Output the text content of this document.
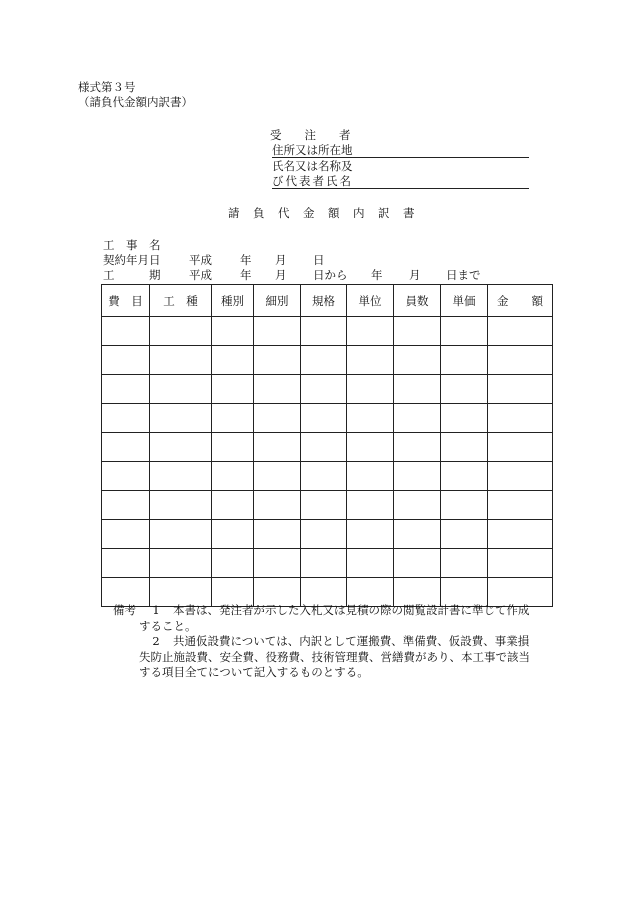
様式第３号
（請負代金額内訳書）
受　　注　　者
住所又は所在地
氏名又は名称及
び代表者氏名
請　負　代　金　額　内　訳　書
工　事　名
契約年月日 平成 年 月 日
工　　　期 平成 年 月 日から 年 月 日まで
費　目	工　種	種別	細別	規格	単位	員数	単価	金　　額

備考	1	本書は、発注者が示した入札又は見積の際の閲覧設計書に準じて作成
すること。
2	共通仮設費については、内訳として運搬費、準備費、仮設費、事業損
失防止施設費、安全費、役務費、技術管理費、営繕費があり、本工事で該当
する項目全てについて記入するものとする。
